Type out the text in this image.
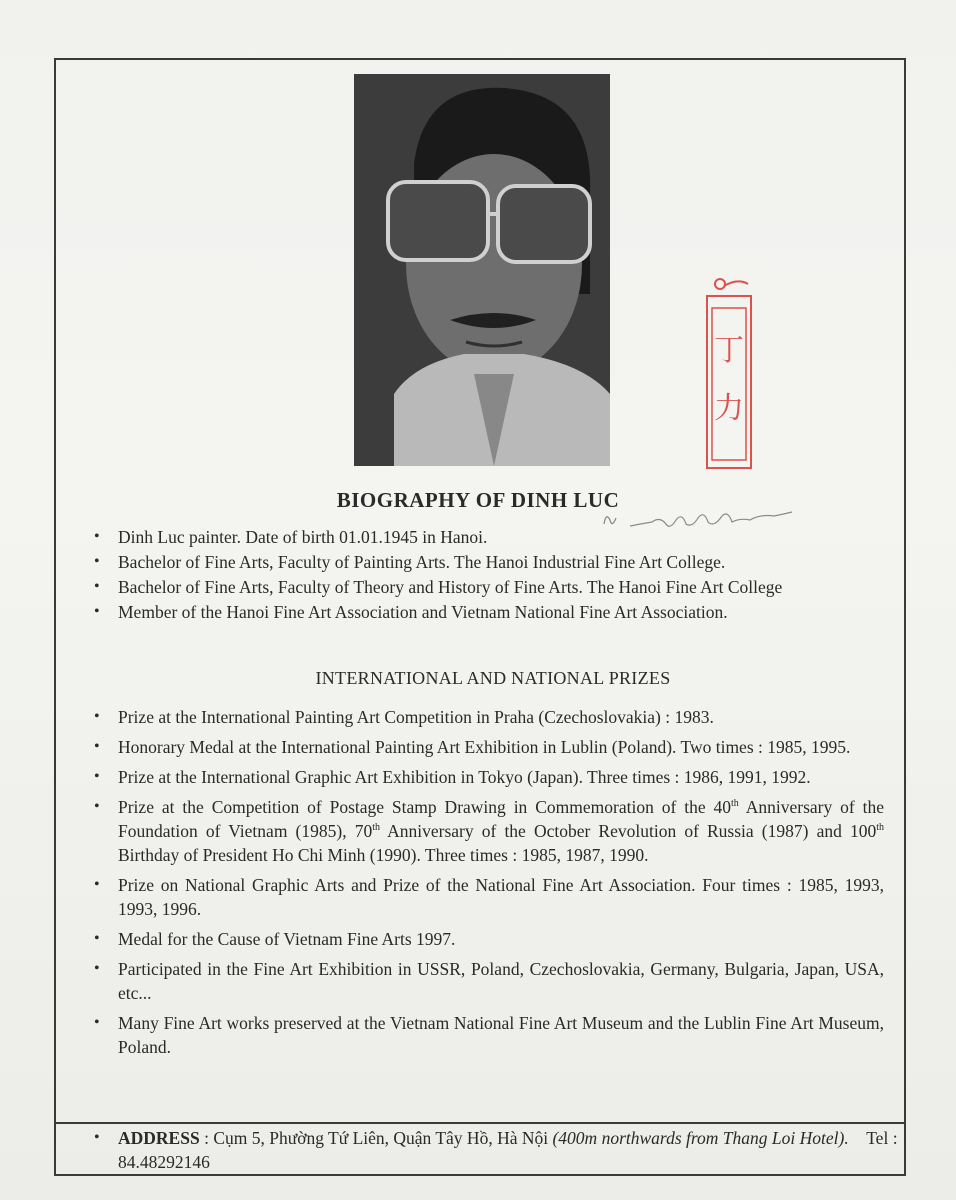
丁
力
BIOGRAPHY OF DINH LUC
• Dinh Luc painter. Date of birth 01.01.1945 in Hanoi.
• Bachelor of Fine Arts, Faculty of Painting Arts. The Hanoi Industrial Fine Art College.
• Bachelor of Fine Arts, Faculty of Theory and History of Fine Arts. The Hanoi Fine Art College
• Member of the Hanoi Fine Art Association and Vietnam National Fine Art Association.
INTERNATIONAL AND NATIONAL PRIZES
• Prize at the International Painting Art Competition in Praha (Czechoslovakia) : 1983.
• Honorary Medal at the International Painting Art Exhibition in Lublin (Poland). Two times : 1985, 1995.
• Prize at the International Graphic Art Exhibition in Tokyo (Japan). Three times : 1986, 1991, 1992.
• Prize at the Competition of Postage Stamp Drawing in Commemoration of the 40th Anniversary of the Foundation of Vietnam (1985), 70th Anniversary of the October Revolution of Russia (1987) and 100th Birthday of President Ho Chi Minh (1990). Three times : 1985, 1987, 1990.
• Prize on National Graphic Arts and Prize of the National Fine Art Association. Four times : 1985, 1993, 1993, 1996.
• Medal for the Cause of Vietnam Fine Arts 1997.
• Participated in the Fine Art Exhibition in USSR, Poland, Czechoslovakia, Germany, Bulgaria, Japan, USA, etc...
• Many Fine Art works preserved at the Vietnam National Fine Art Museum and the Lublin Fine Art Museum, Poland.
• ADDRESS : Cụm 5, Phường Tứ Liên, Quận Tây Hồ, Hà Nội (400m northwards from Thang Loi Hotel). Tel : 84.48292146
